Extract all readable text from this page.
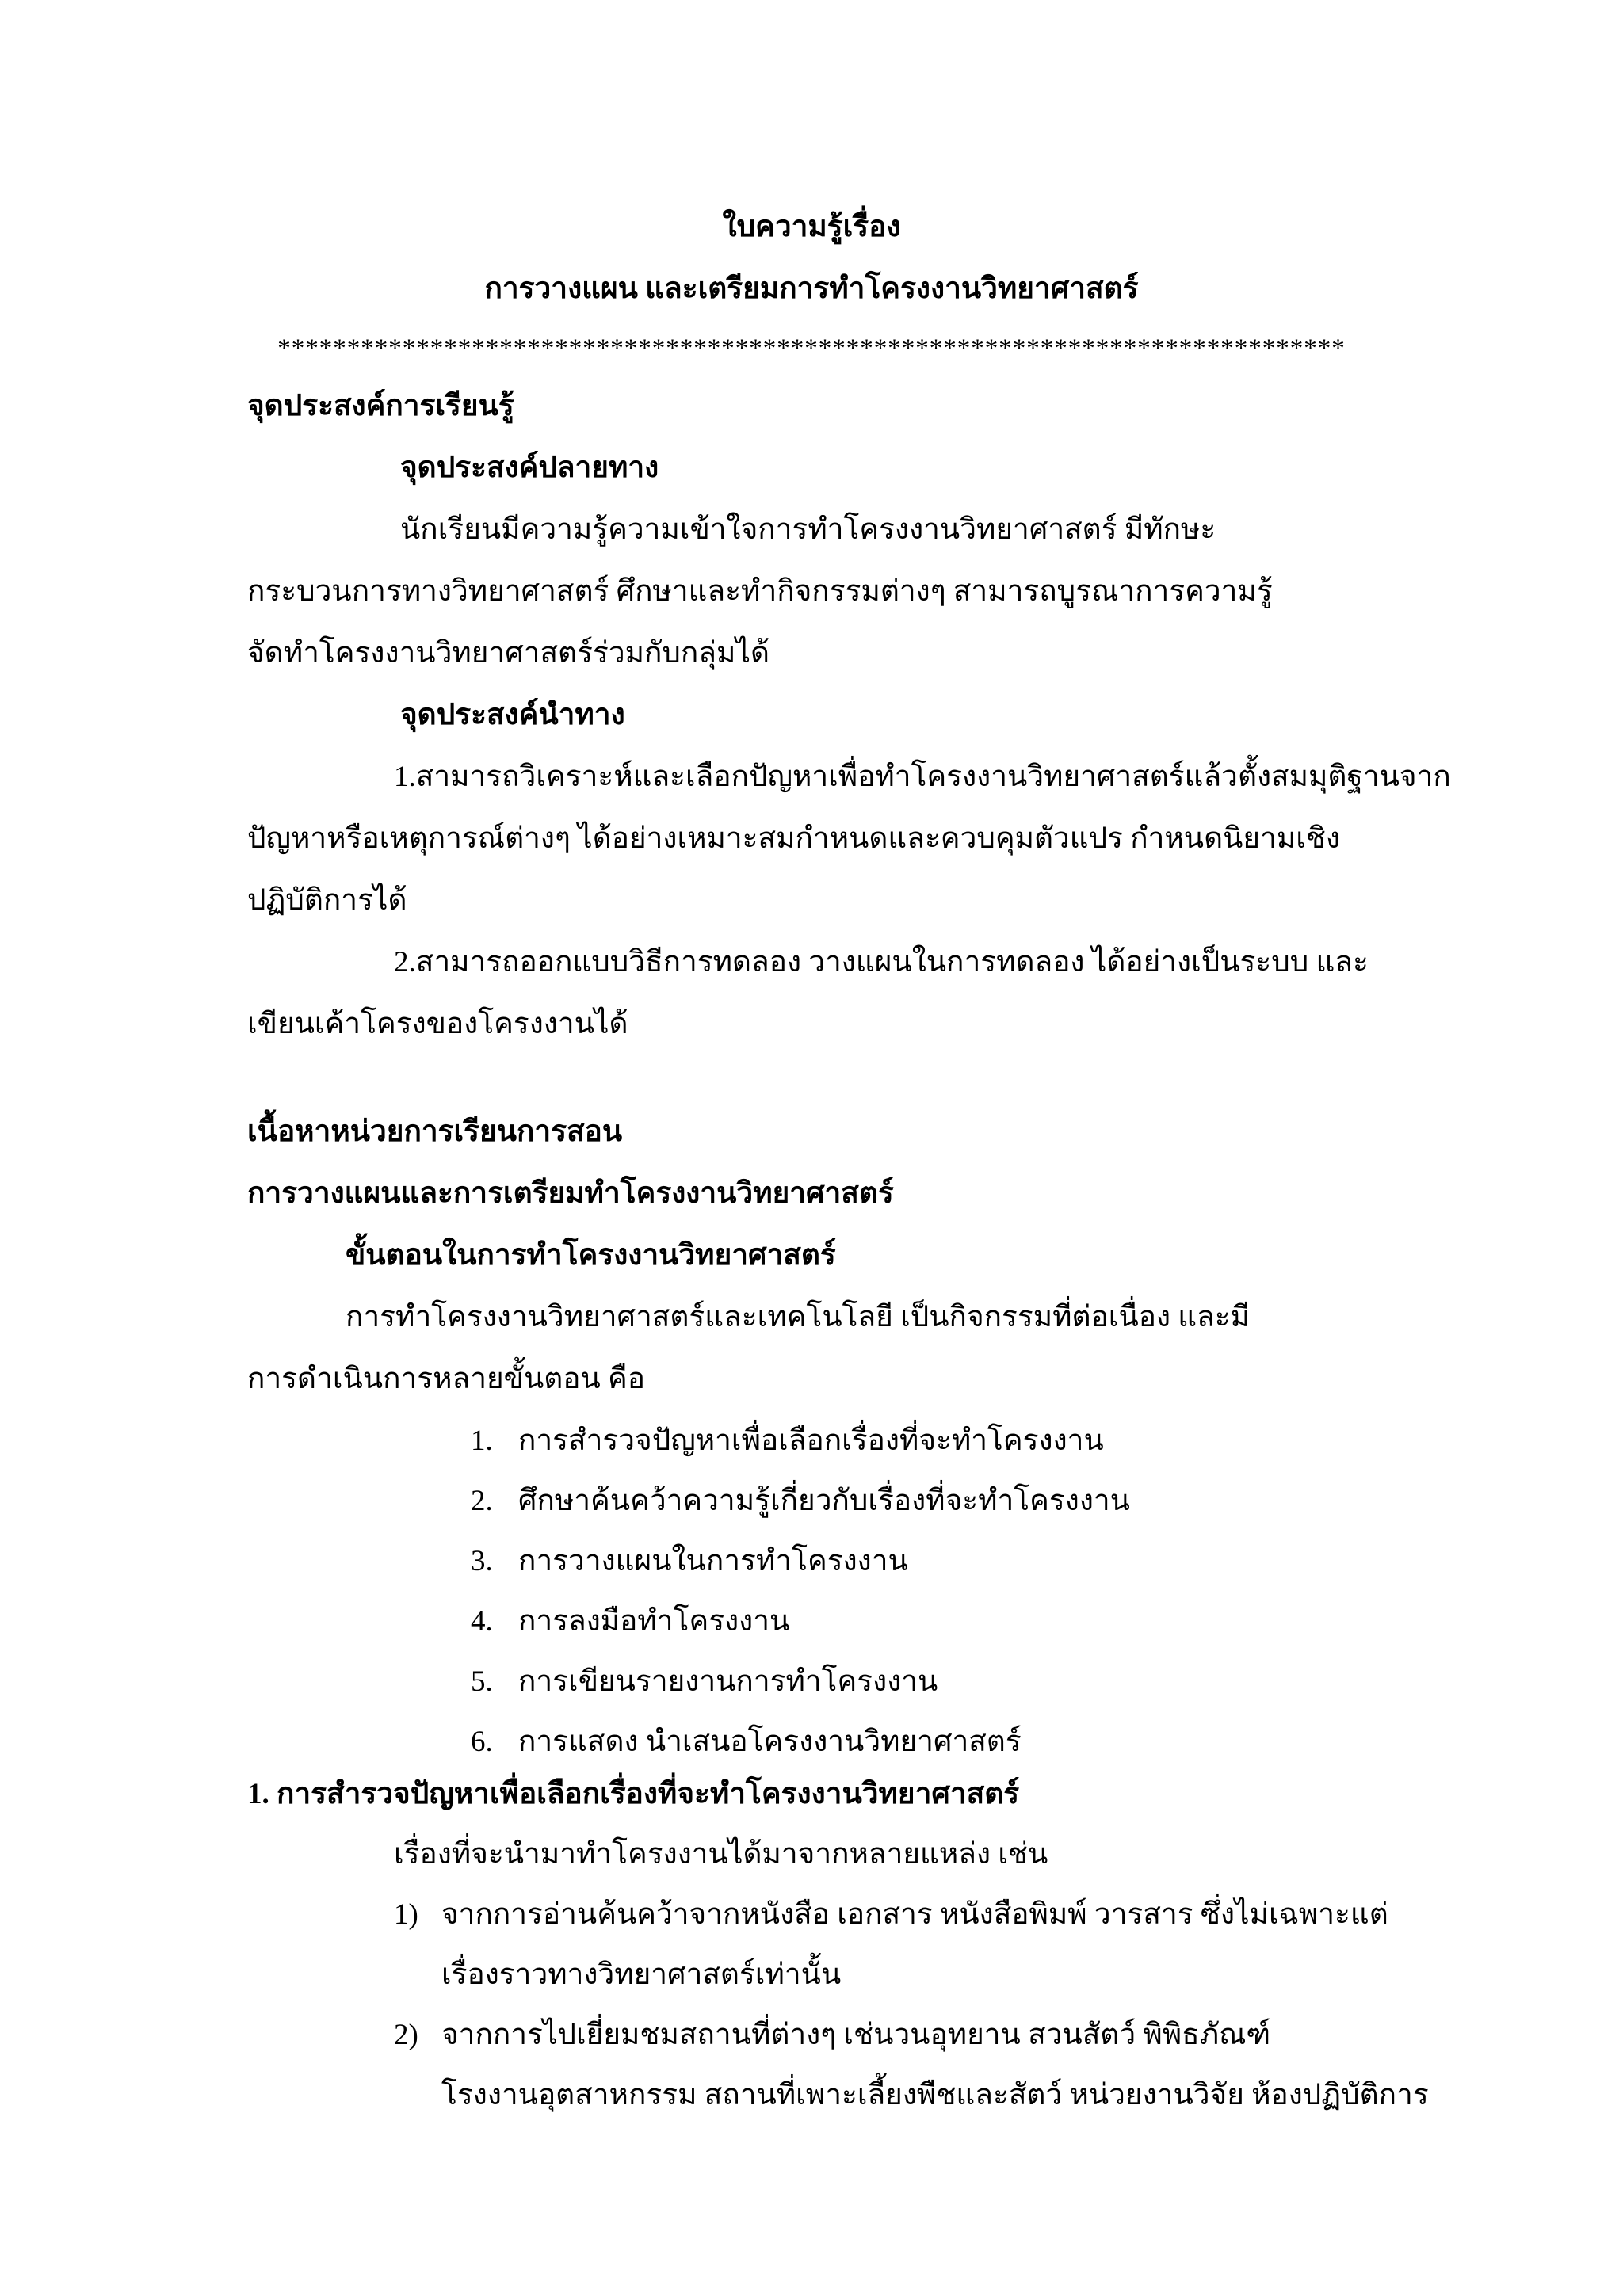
ใบความรู้เรื่อง
การวางแผน และเตรียมการทำโครงงานวิทยาศาสตร์
*****************************************************************************
จุดประสงค์การเรียนรู้
จุดประสงค์ปลายทาง
นักเรียนมีความรู้ความเข้าใจการทำโครงงานวิทยาศาสตร์ มีทักษะ
กระบวนการทางวิทยาศาสตร์ ศึกษาและทำกิจกรรมต่างๆ สามารถบูรณาการความรู้
จัดทำโครงงานวิทยาศาสตร์ร่วมกับกลุ่มได้
จุดประสงค์นำทาง
1.สามารถวิเคราะห์และเลือกปัญหาเพื่อทำโครงงานวิทยาศาสตร์แล้วตั้งสมมุติฐานจาก
ปัญหาหรือเหตุการณ์ต่างๆ ได้อย่างเหมาะสมกำหนดและควบคุมตัวแปร กำหนดนิยามเชิง
ปฏิบัติการได้
2.สามารถออกแบบวิธีการทดลอง วางแผนในการทดลอง ได้อย่างเป็นระบบ และ
เขียนเค้าโครงของโครงงานได้
เนื้อหาหน่วยการเรียนการสอน
การวางแผนและการเตรียมทำโครงงานวิทยาศาสตร์
ขั้นตอนในการทำโครงงานวิทยาศาสตร์
การทำโครงงานวิทยาศาสตร์และเทคโนโลยี เป็นกิจกรรมที่ต่อเนื่อง และมี
การดำเนินการหลายขั้นตอน คือ
1. การสำรวจปัญหาเพื่อเลือกเรื่องที่จะทำโครงงาน
2. ศึกษาค้นคว้าความรู้เกี่ยวกับเรื่องที่จะทำโครงงาน
3. การวางแผนในการทำโครงงาน
4. การลงมือทำโครงงาน
5. การเขียนรายงานการทำโครงงาน
6. การแสดง นำเสนอโครงงานวิทยาศาสตร์
1. การสำรวจปัญหาเพื่อเลือกเรื่องที่จะทำโครงงานวิทยาศาสตร์
เรื่องที่จะนำมาทำโครงงานได้มาจากหลายแหล่ง เช่น
1) จากการอ่านค้นคว้าจากหนังสือ เอกสาร หนังสือพิมพ์ วารสาร ซึ่งไม่เฉพาะแต่
เรื่องราวทางวิทยาศาสตร์เท่านั้น
2) จากการไปเยี่ยมชมสถานที่ต่างๆ เช่นวนอุทยาน สวนสัตว์ พิพิธภัณฑ์
โรงงานอุตสาหกรรม สถานที่เพาะเลี้ยงพืชและสัตว์ หน่วยงานวิจัย ห้องปฏิบัติการ
